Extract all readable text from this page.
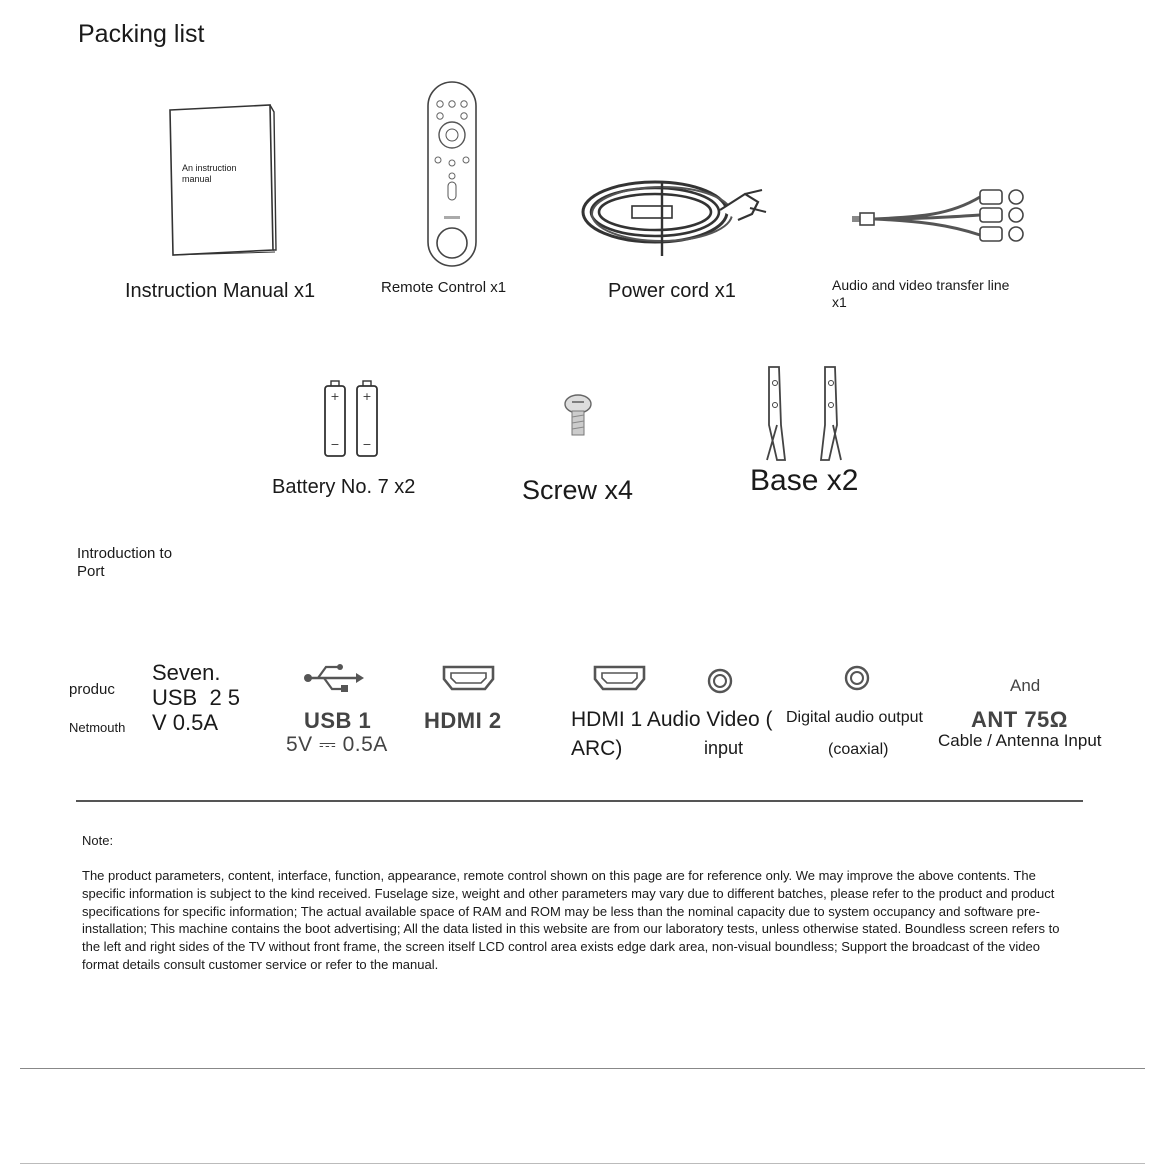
Packing list
An instruction manual
Instruction Manual x1	Remote Control x1	Power cord x1	Audio and video transfer line
x1
+
−
+
−
Battery No. 7 x2	Screw x4	Base x2
Introduction to
Port
produc
Netmouth
Seven.
USB  2 5
V 0.5A	USB 1
5V ⎓ 0.5A
HDMI 2	HDMI 1 Audio Video (
ARC)	input
Digital audio output
(coaxial)
And
ANT 75Ω
Cable / Antenna Input
Note:
The product parameters, content, interface, function, appearance, remote control shown on this page are for reference only. We may improve the above contents. The specific information is subject to the kind received. Fuselage size, weight and other parameters may vary due to different batches, please refer to the product and product specifications for specific information; The actual available space of RAM and ROM may be less than the nominal capacity due to system occupancy and software pre-installation; This machine contains the boot advertising; All the data listed in this website are from our laboratory tests, unless otherwise stated. Boundless screen refers to the left and right sides of the TV without front frame, the screen itself LCD control area exists edge dark area, non-visual boundless; Support the broadcast of the video format details consult customer service or refer to the manual.
